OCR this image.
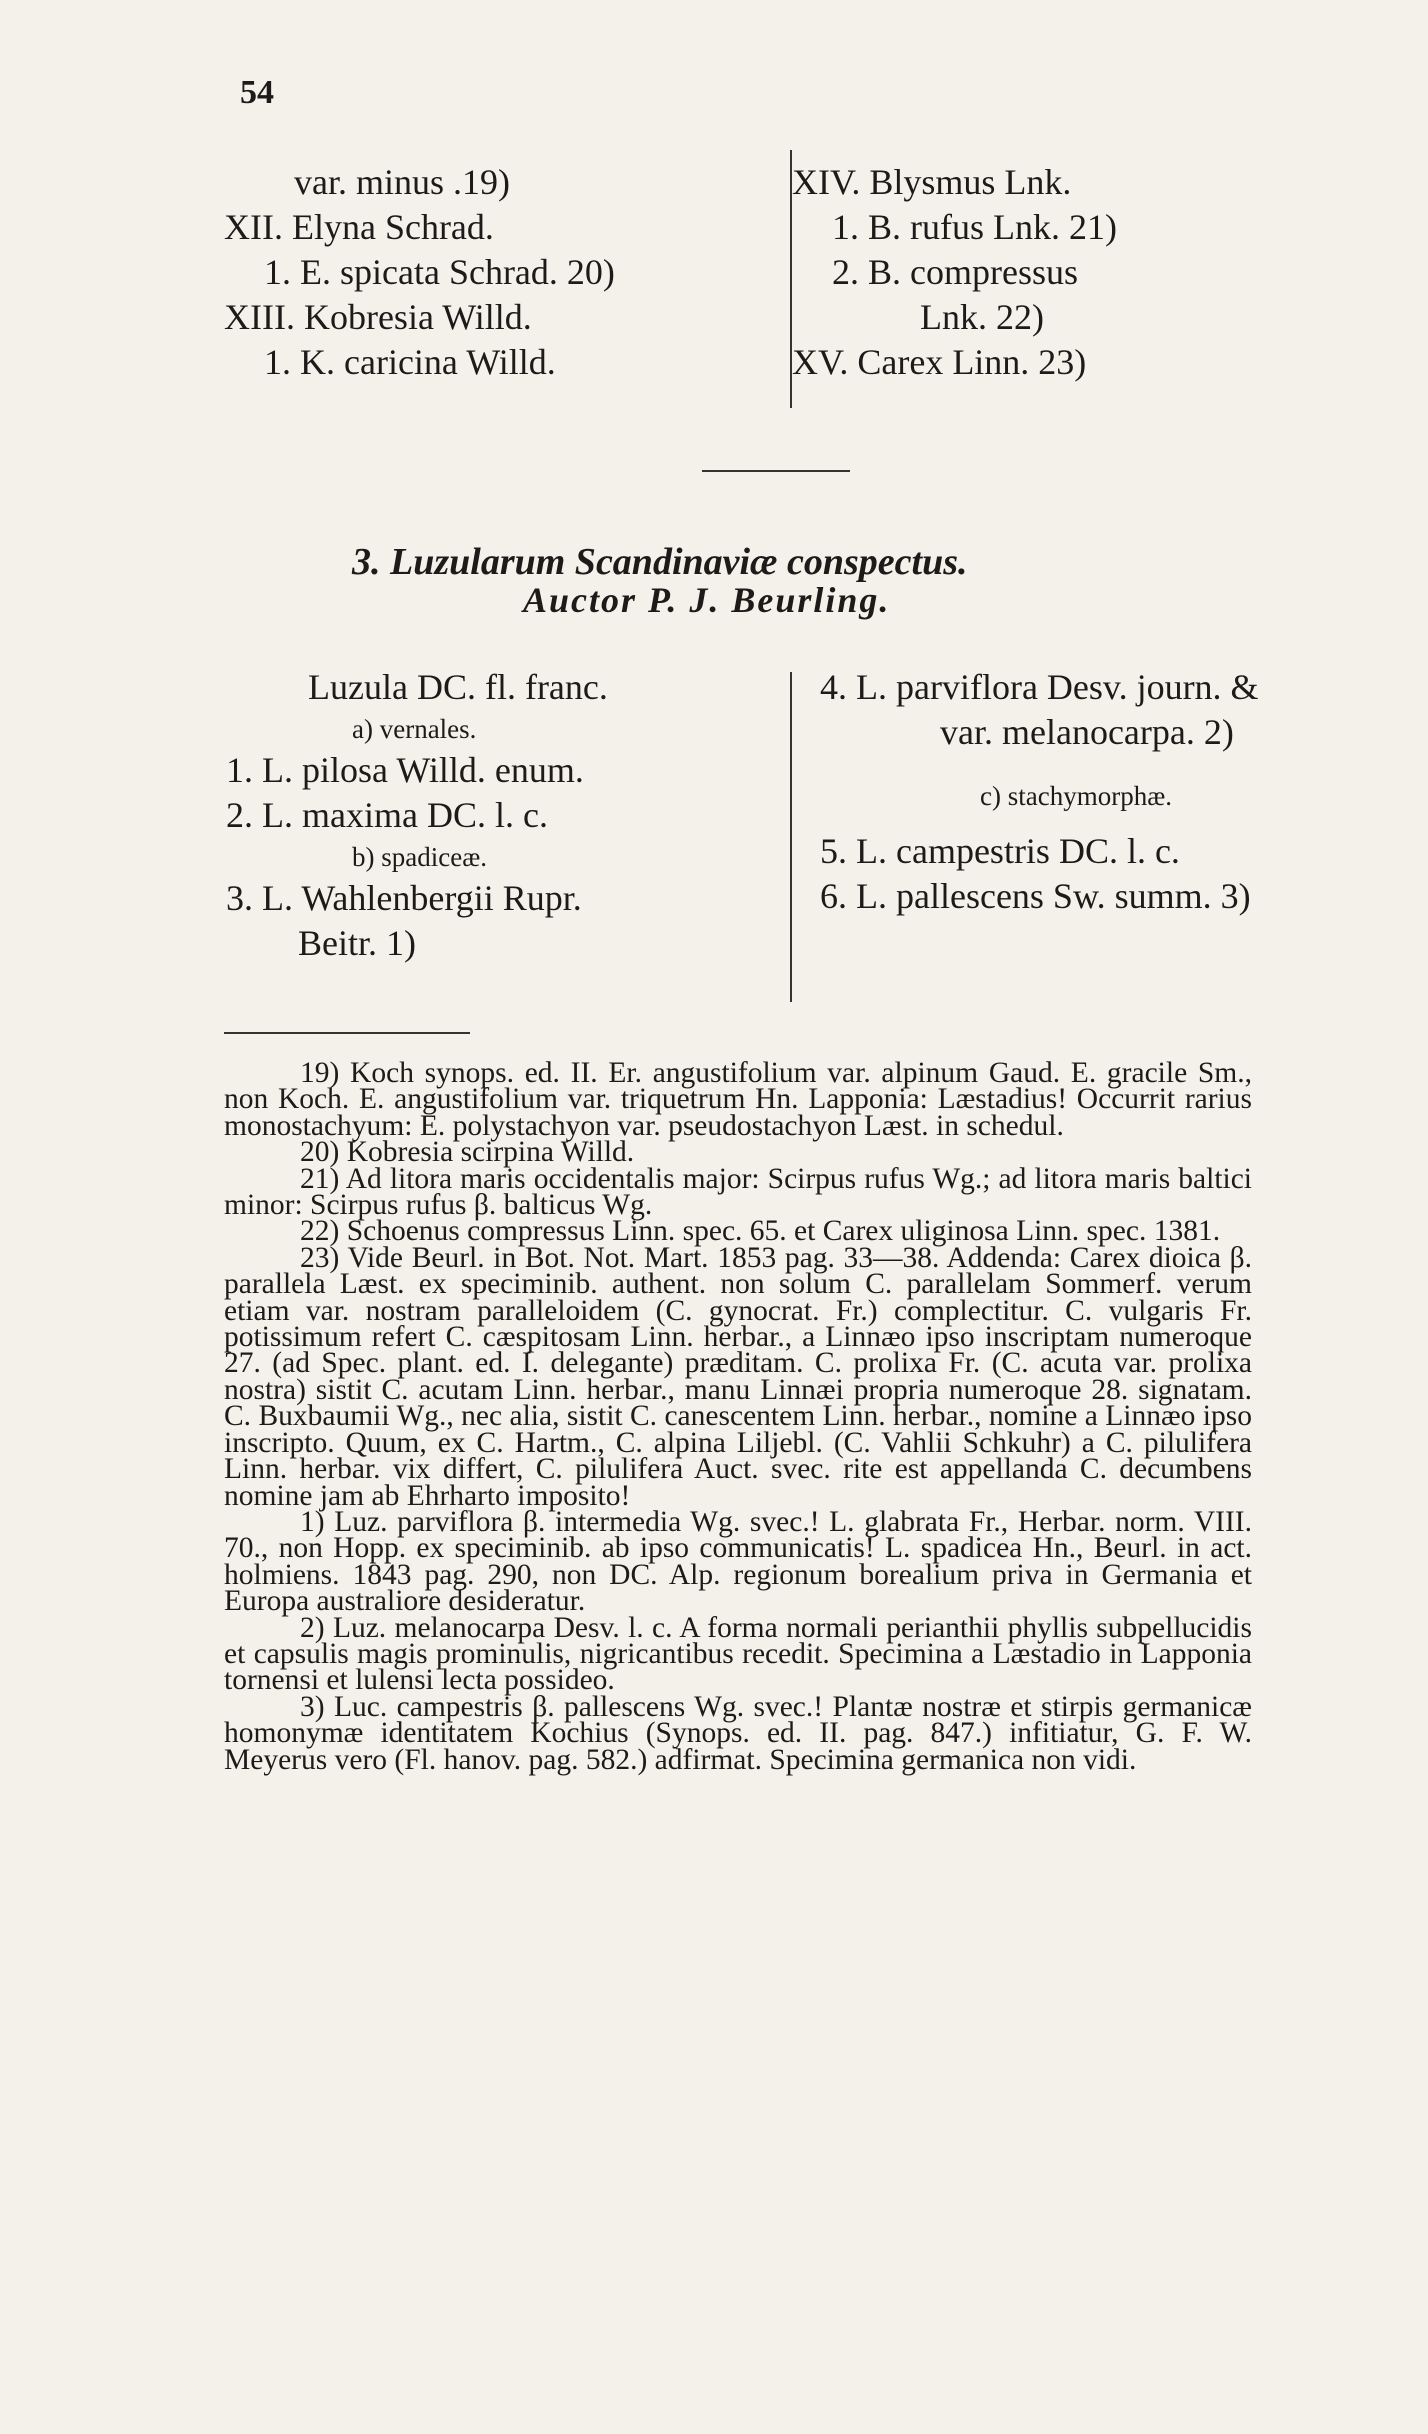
54
var. minus .19)
XII. Elyna Schrad.
1. E. spicata Schrad. 20)
XIII. Kobresia Willd.
1. K. caricina Willd.
XIV. Blysmus Lnk.
1. B. rufus Lnk. 21)
2. B. compressus
Lnk. 22)
XV. Carex Linn. 23)
3. Luzularum Scandinaviæ conspectus.
Auctor P. J. Beurling.
Luzula DC. fl. franc.
a) vernales.
1. L. pilosa Willd. enum.
2. L. maxima DC. l. c.
b) spadiceæ.
3. L. Wahlenbergii Rupr.
Beitr. 1)
4. L. parviflora Desv. journ. &
var. melanocarpa. 2)
c) stachymorphæ.
5. L. campestris DC. l. c.
6. L. pallescens Sw. summ. 3)

19) Koch synops. ed. II. Er. angustifolium var. alpinum Gaud. E. gracile Sm., non Koch. E. angustifolium var. triquetrum Hn. Lapponia: Læstadius! Occurrit rarius monostachyum: E. polystachyon var. pseudostachyon Læst. in schedul.

20) Kobresia scirpina Willd.

21) Ad litora maris occidentalis major: Scirpus rufus Wg.; ad litora maris baltici minor: Scirpus rufus β. balticus Wg.

22) Schoenus compressus Linn. spec. 65. et Carex uliginosa Linn. spec. 1381.

23) Vide Beurl. in Bot. Not. Mart. 1853 pag. 33—38. Addenda: Carex dioica β. parallela Læst. ex speciminib. authent. non solum C. parallelam Sommerf. verum etiam var. nostram paralleloidem (C. gynocrat. Fr.) complectitur. C. vulgaris Fr. potissimum refert C. cæspitosam Linn. herbar., a Linnæo ipso inscriptam numeroque 27. (ad Spec. plant. ed. I. delegante) præditam. C. prolixa Fr. (C. acuta var. prolixa nostra) sistit C. acutam Linn. herbar., manu Linnæi propria numeroque 28. signatam. C. Buxbaumii Wg., nec alia, sistit C. canescentem Linn. herbar., nomine a Linnæo ipso inscripto. Quum, ex C. Hartm., C. alpina Liljebl. (C. Vahlii Schkuhr) a C. pilulifera Linn. herbar. vix differt, C. pilulifera Auct. svec. rite est appellanda C. decumbens nomine jam ab Ehrharto imposito!

1) Luz. parviflora β. intermedia Wg. svec.! L. glabrata Fr., Herbar. norm. VIII. 70., non Hopp. ex speciminib. ab ipso communicatis! L. spadicea Hn., Beurl. in act. holmiens. 1843 pag. 290, non DC. Alp. regionum borealium priva in Germania et Europa australiore desideratur.

2) Luz. melanocarpa Desv. l. c. A forma normali perianthii phyllis subpellucidis et capsulis magis prominulis, nigricantibus recedit. Specimina a Læstadio in Lapponia tornensi et lulensi lecta possideo.

3) Luc. campestris β. pallescens Wg. svec.! Plantæ nostræ et stirpis germanicæ homonymæ identitatem Kochius (Synops. ed. II. pag. 847.) infitiatur, G. F. W. Meyerus vero (Fl. hanov. pag. 582.) adfirmat. Specimina germanica non vidi.
